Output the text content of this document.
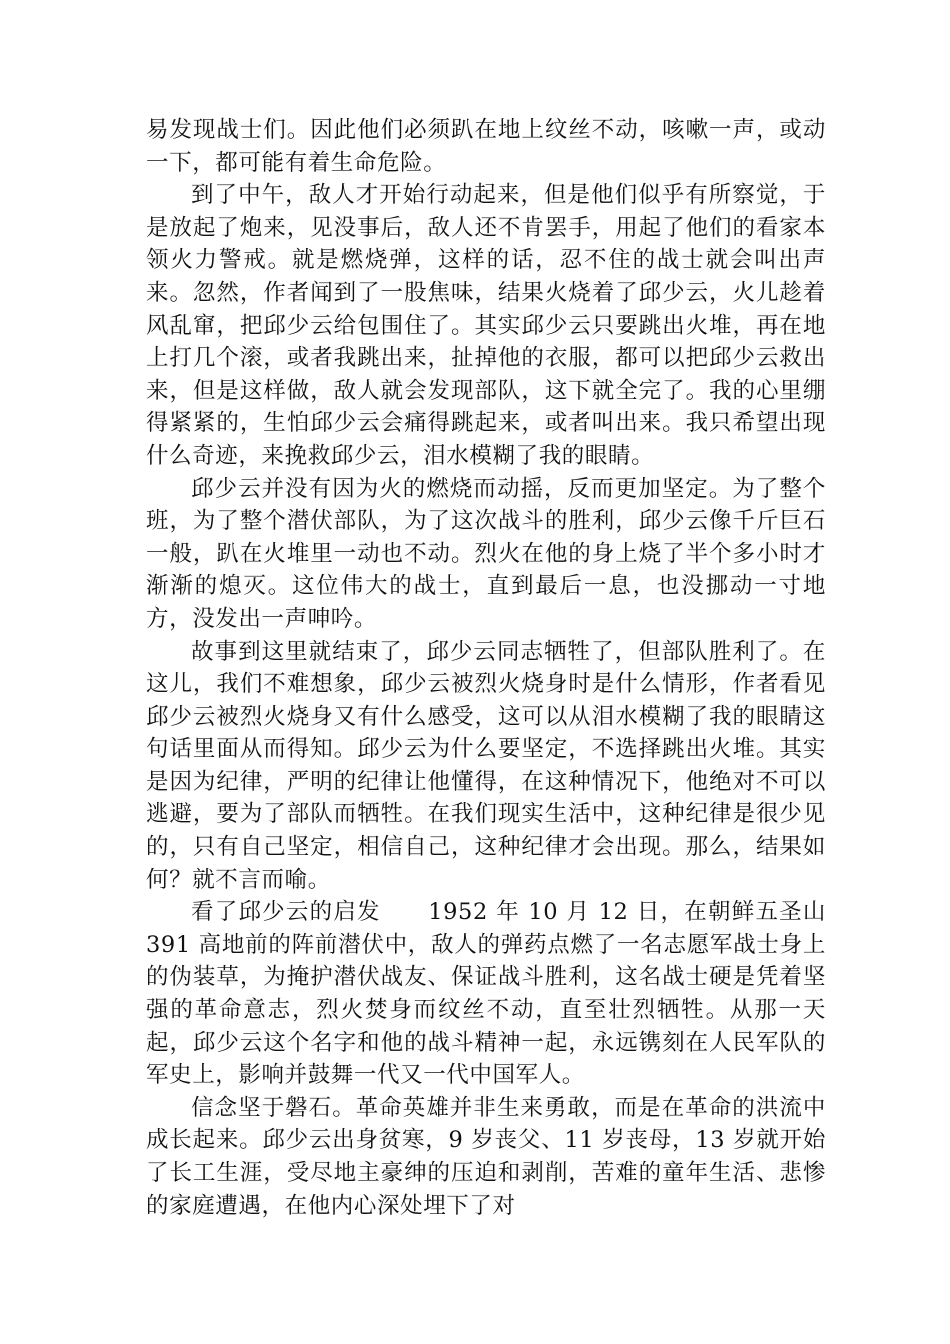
易发现战士们。因此他们必须趴在地上纹丝不动，咳嗽一声，或动一下，都可能有着生命危险。

到了中午，敌人才开始行动起来，但是他们似乎有所察觉，于是放起了炮来，见没事后，敌人还不肯罢手，用起了他们的看家本领火力警戒。就是燃烧弹，这样的话，忍不住的战士就会叫出声来。忽然，作者闻到了一股焦味，结果火烧着了邱少云，火儿趁着风乱窜，把邱少云给包围住了。其实邱少云只要跳出火堆，再在地上打几个滚，或者我跳出来，扯掉他的衣服，都可以把邱少云救出来，但是这样做，敌人就会发现部队，这下就全完了。我的心里绷得紧紧的，生怕邱少云会痛得跳起来，或者叫出来。我只希望出现什么奇迹，来挽救邱少云，泪水模糊了我的眼睛。

邱少云并没有因为火的燃烧而动摇，反而更加坚定。为了整个班，为了整个潜伏部队，为了这次战斗的胜利，邱少云像千斤巨石一般，趴在火堆里一动也不动。烈火在他的身上烧了半个多小时才渐渐的熄灭。这位伟大的战士，直到最后一息，也没挪动一寸地方，没发出一声呻吟。

故事到这里就结束了，邱少云同志牺牲了，但部队胜利了。在这儿，我们不难想象，邱少云被烈火烧身时是什么情形，作者看见邱少云被烈火烧身又有什么感受，这可以从泪水模糊了我的眼睛这句话里面从而得知。邱少云为什么要坚定，不选择跳出火堆。其实是因为纪律，严明的纪律让他懂得，在这种情况下，他绝对不可以逃避，要为了部队而牺牲。在我们现实生活中，这种纪律是很少见的，只有自己坚定，相信自己，这种纪律才会出现。那么，结果如何？就不言而喻。

看了邱少云的启发　　1952 年 10 月 12 日，在朝鲜五圣山 391 高地前的阵前潜伏中，敌人的弹药点燃了一名志愿军战士身上的伪装草，为掩护潜伏战友、保证战斗胜利，这名战士硬是凭着坚强的革命意志，烈火焚身而纹丝不动，直至壮烈牺牲。从那一天起，邱少云这个名字和他的战斗精神一起，永远镌刻在人民军队的军史上，影响并鼓舞一代又一代中国军人。

信念坚于磐石。革命英雄并非生来勇敢，而是在革命的洪流中成长起来。邱少云出身贫寒，9 岁丧父、11 岁丧母，13 岁就开始了长工生涯，受尽地主豪绅的压迫和剥削，苦难的童年生活、悲惨的家庭遭遇，在他内心深处埋下了对
